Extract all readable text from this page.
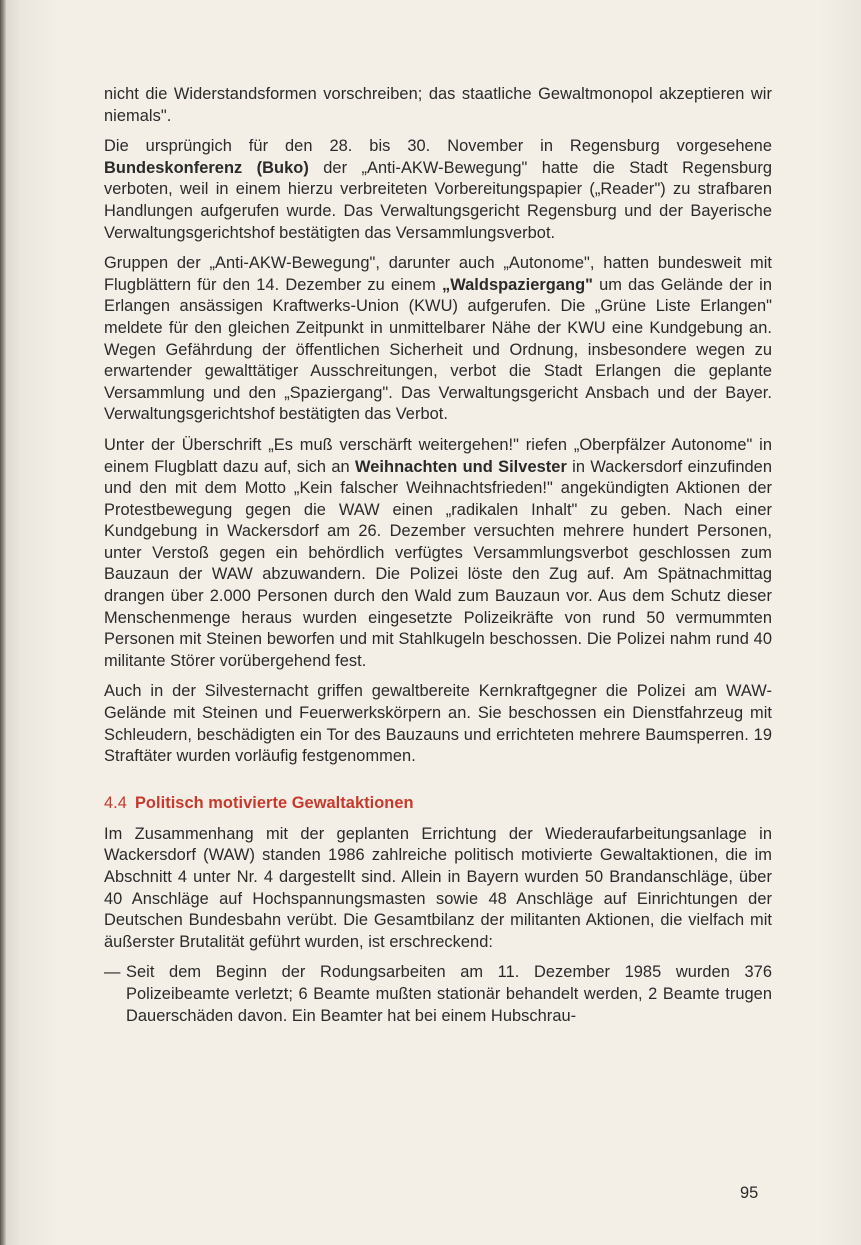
nicht die Widerstandsformen vorschreiben; das staatliche Gewaltmonopol akzeptieren wir niemals".

Die ursprüngich für den 28. bis 30. November in Regensburg vorgesehene Bundeskonferenz (Buko) der „Anti-AKW-Bewegung" hatte die Stadt Regensburg verboten, weil in einem hierzu verbreiteten Vorbereitungspapier („Reader") zu strafbaren Handlungen aufgerufen wurde. Das Verwaltungsgericht Regensburg und der Bayerische Verwaltungsgerichtshof bestätigten das Versammlungsverbot.

Gruppen der „Anti-AKW-Bewegung", darunter auch „Autonome", hatten bundesweit mit Flugblättern für den 14. Dezember zu einem „Waldspaziergang" um das Gelände der in Erlangen ansässigen Kraftwerks-Union (KWU) aufgerufen. Die „Grüne Liste Erlangen" meldete für den gleichen Zeitpunkt in unmittelbarer Nähe der KWU eine Kundgebung an. Wegen Gefährdung der öffentlichen Sicherheit und Ordnung, insbesondere wegen zu erwartender gewalttätiger Ausschreitungen, verbot die Stadt Erlangen die geplante Versammlung und den „Spaziergang". Das Verwaltungsgericht Ansbach und der Bayer. Verwaltungsgerichtshof bestätigten das Verbot.

Unter der Überschrift „Es muß verschärft weitergehen!" riefen „Oberpfälzer Autonome" in einem Flugblatt dazu auf, sich an Weihnachten und Silvester in Wackersdorf einzufinden und den mit dem Motto „Kein falscher Weihnachtsfrieden!" angekündigten Aktionen der Protestbewegung gegen die WAW einen „radikalen Inhalt" zu geben. Nach einer Kundgebung in Wackersdorf am 26. Dezember versuchten mehrere hundert Personen, unter Verstoß gegen ein behördlich verfügtes Versammlungsverbot geschlossen zum Bauzaun der WAW abzuwandern. Die Polizei löste den Zug auf. Am Spätnachmittag drangen über 2.000 Personen durch den Wald zum Bauzaun vor. Aus dem Schutz dieser Menschenmenge heraus wurden eingesetzte Polizeikräfte von rund 50 vermummten Personen mit Steinen beworfen und mit Stahlkugeln beschossen. Die Polizei nahm rund 40 militante Störer vorübergehend fest.

Auch in der Silvesternacht griffen gewaltbereite Kernkraftgegner die Polizei am WAW-Gelände mit Steinen und Feuerwerkskörpern an. Sie beschossen ein Dienstfahrzeug mit Schleudern, beschädigten ein Tor des Bauzauns und errichteten mehrere Baumsperren. 19 Straftäter wurden vorläufig festgenommen.

4.4 Politisch motivierte Gewaltaktionen

Im Zusammenhang mit der geplanten Errichtung der Wiederaufarbeitungsanlage in Wackersdorf (WAW) standen 1986 zahlreiche politisch motivierte Gewaltaktionen, die im Abschnitt 4 unter Nr. 4 dargestellt sind. Allein in Bayern wurden 50 Brandanschläge, über 40 Anschläge auf Hochspannungsmasten sowie 48 Anschläge auf Einrichtungen der Deutschen Bundesbahn verübt. Die Gesamtbilanz der militanten Aktionen, die vielfach mit äußerster Brutalität geführt wurden, ist erschreckend:

— Seit dem Beginn der Rodungsarbeiten am 11. Dezember 1985 wurden 376 Polizeibeamte verletzt; 6 Beamte mußten stationär behandelt werden, 2 Beamte trugen Dauerschäden davon. Ein Beamter hat bei einem Hubschrau-
95
